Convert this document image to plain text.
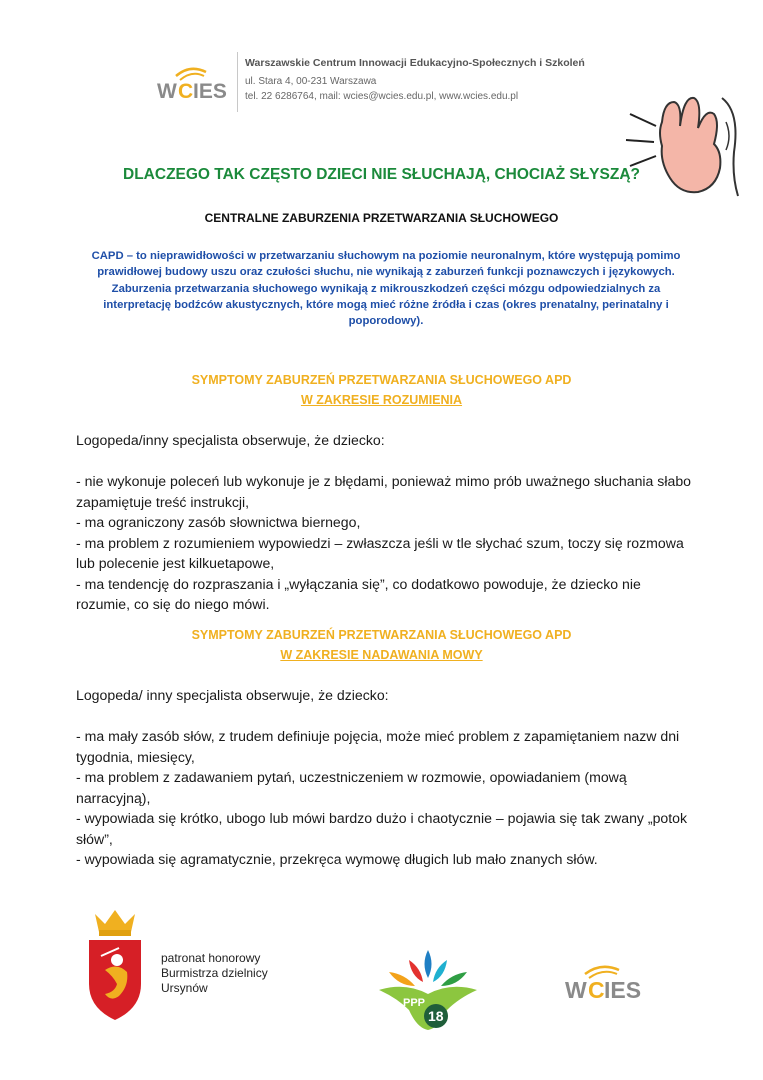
W C IES
Warszawskie Centrum Innowacji Edukacyjno-Społecznych i Szkoleń
ul. Stara 4, 00-231 Warszawa
tel. 22 6286764, mail: wcies@wcies.edu.pl, www.wcies.edu.pl
DLACZEGO TAK CZĘSTO DZIECI NIE SŁUCHAJĄ, CHOCIAŻ SŁYSZĄ?
CENTRALNE ZABURZENIA PRZETWARZANIA SŁUCHOWEGO

CAPD – to nieprawidłowości w przetwarzaniu słuchowym na poziomie neuronalnym, które występują pomimo prawidłowej budowy uszu oraz czułości słuchu, nie wynikają z zaburzeń funkcji poznawczych i językowych.

Zaburzenia przetwarzania słuchowego wynikają z mikrouszkodzeń części mózgu odpowiedzialnych za interpretację bodźców akustycznych, które mogą mieć różne źródła i czas (okres prenatalny, perinatalny i poporodowy).

SYMPTOMY ZABURZEŃ PRZETWARZANIA SŁUCHOWEGO APD
W ZAKRESIE ROZUMIENIA

Logopeda/inny specjalista obserwuje, że dziecko:

- nie wykonuje poleceń lub wykonuje je z błędami, ponieważ mimo prób uważnego słuchania słabo zapamiętuje treść instrukcji,

- ma ograniczony zasób słownictwa biernego,

- ma problem z rozumieniem wypowiedzi – zwłaszcza jeśli w tle słychać szum, toczy się rozmowa lub polecenie jest kilkuetapowe,

- ma tendencję do rozpraszania i „wyłączania się”, co dodatkowo powoduje, że dziecko nie rozumie, co się do niego mówi.

SYMPTOMY ZABURZEŃ PRZETWARZANIA SŁUCHOWEGO APD
W ZAKRESIE NADAWANIA MOWY

Logopeda/ inny specjalista obserwuje, że dziecko:

- ma mały zasób słów, z trudem definiuje pojęcia, może mieć problem z zapamiętaniem nazw dni tygodnia, miesięcy,

- ma problem z zadawaniem pytań, uczestniczeniem w rozmowie, opowiadaniem (mową narracyjną),

- wypowiada się krótko, ubogo lub mówi bardzo dużo i chaotycznie – pojawia się tak zwany „potok słów”,

- wypowiada się agramatycznie, przekręca wymowę długich lub mało znanych słów.

patronat honorowy
Burmistrza dzielnicy
Ursynów
PPP
18
W C IES
